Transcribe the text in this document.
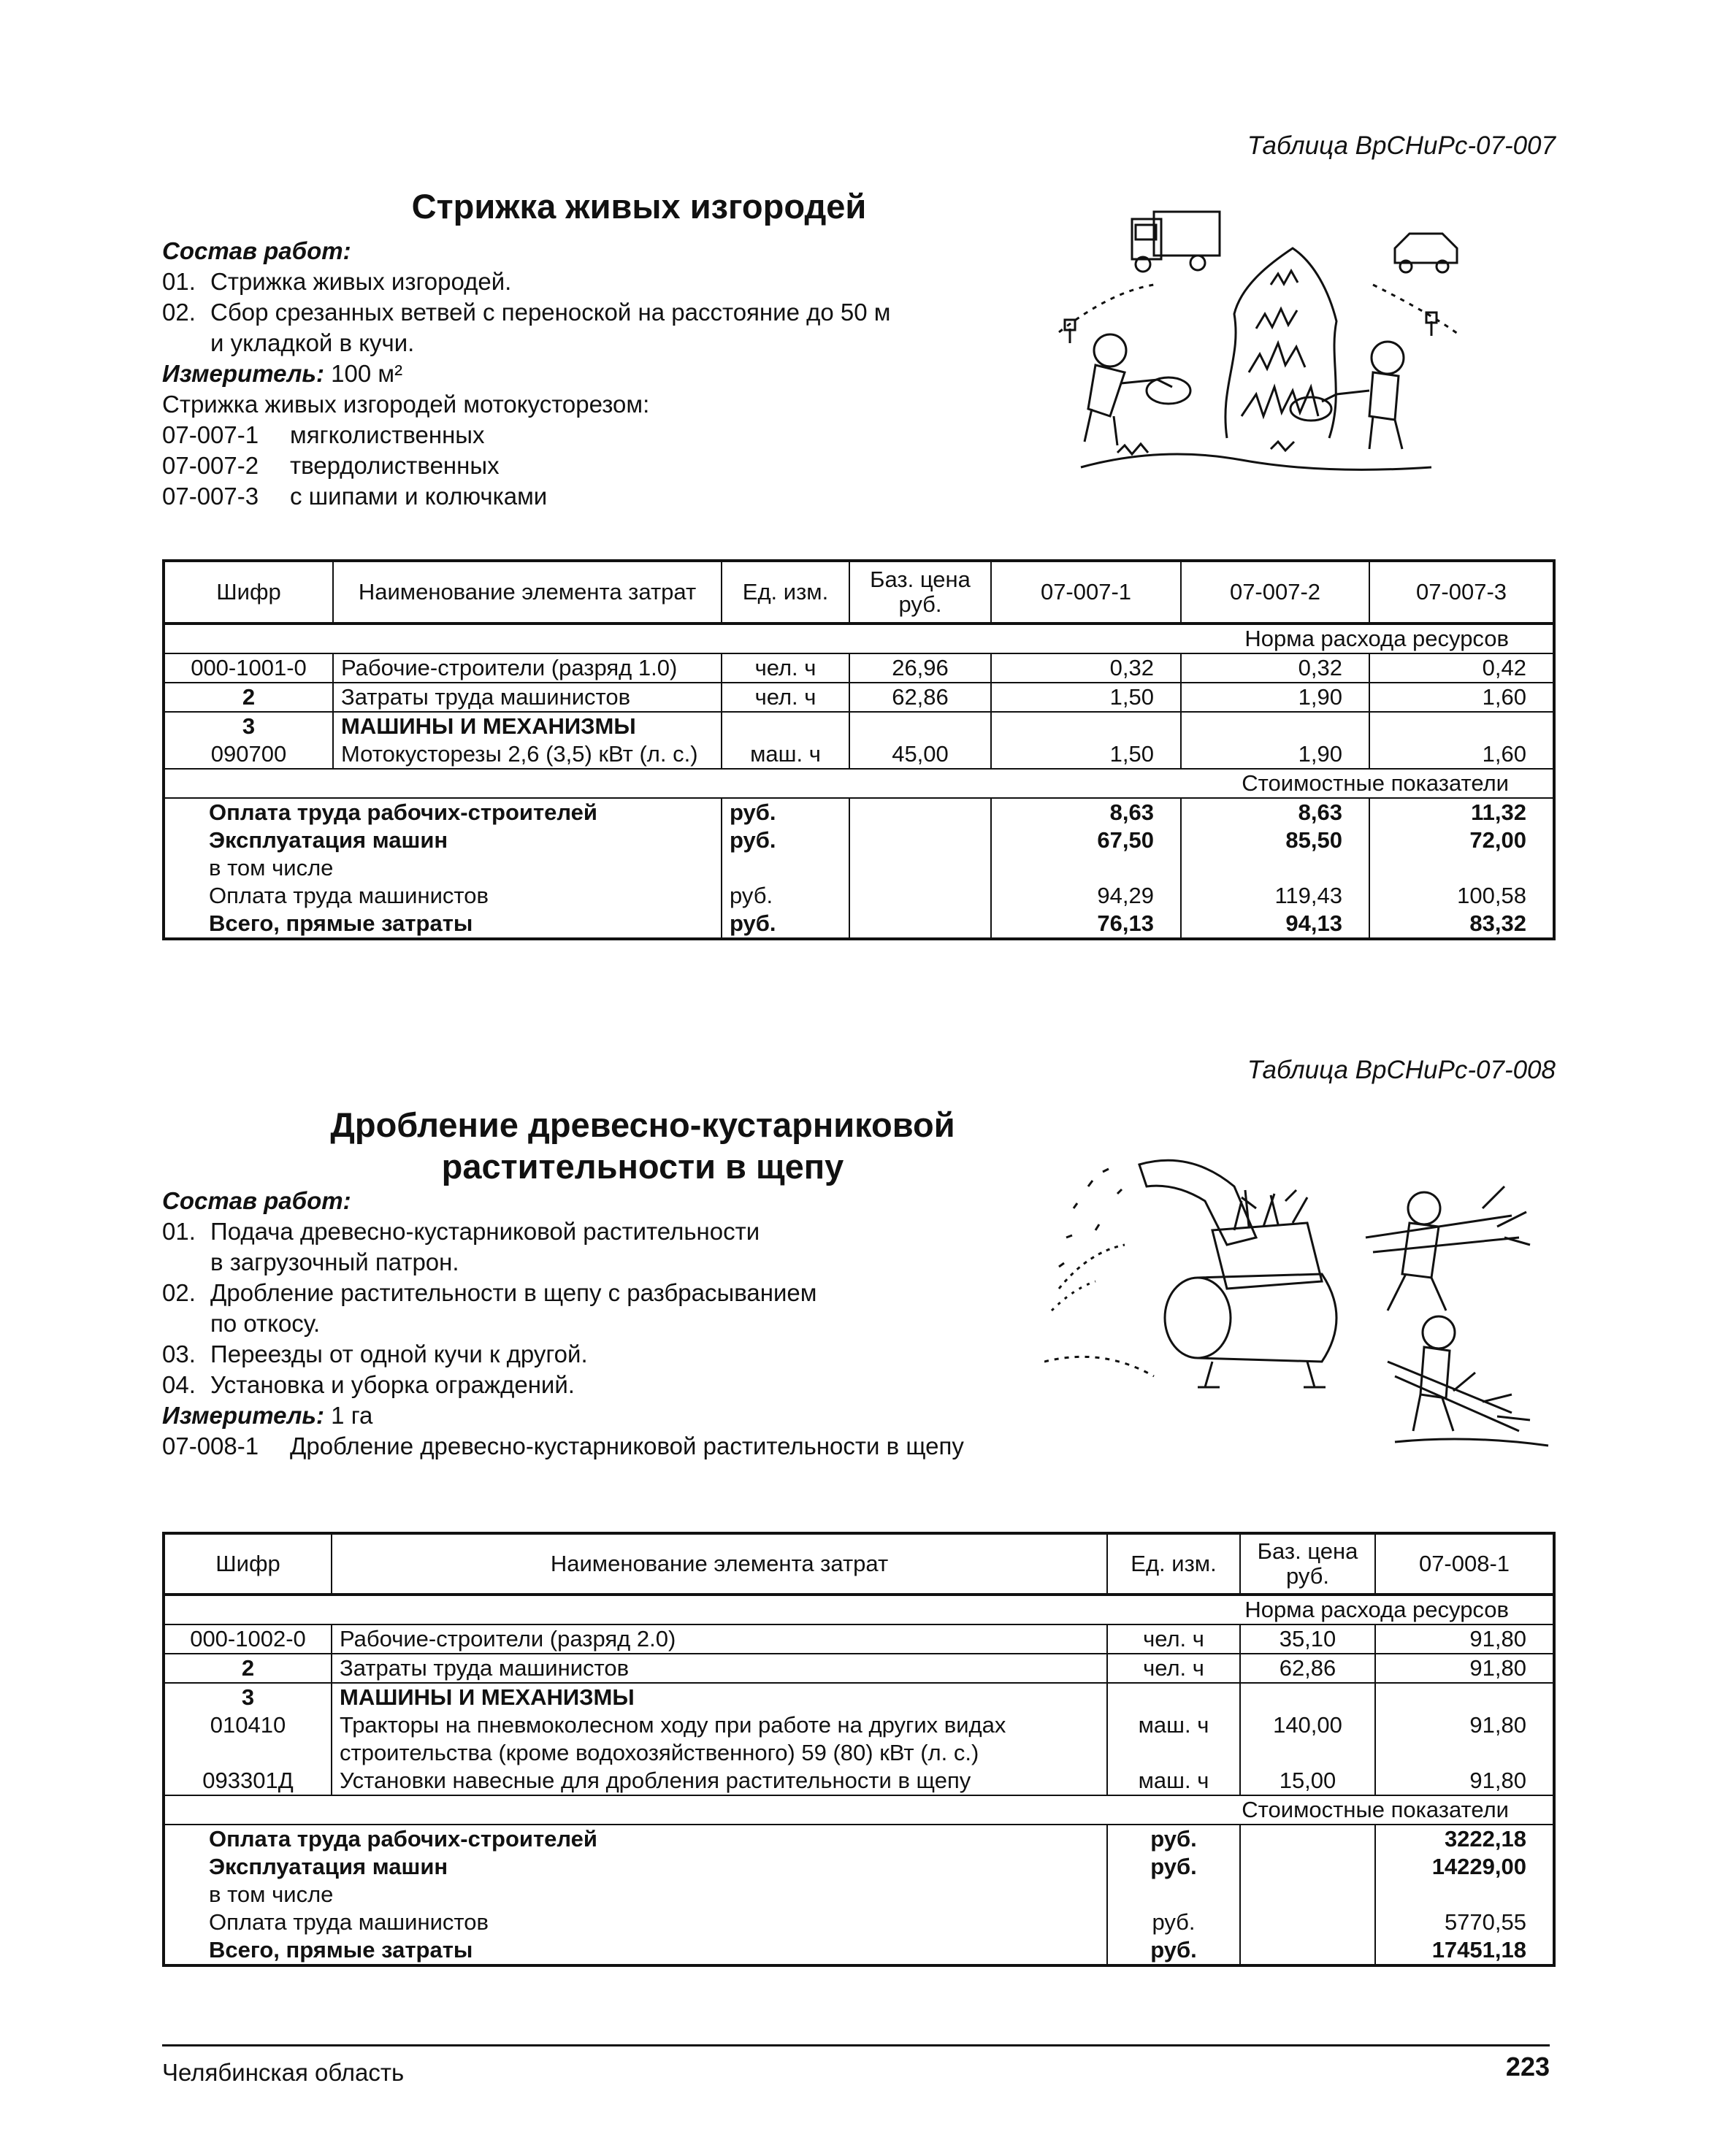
Таблица ВрСНиРс-07-007
Стрижка живых изгородей
Состав работ:
01. Стрижка живых изгородей.
02. Сбор срезанных ветвей с переноской на расстояние до 50 м
и укладкой в кучи.
Измеритель: 100 м²
Стрижка живых изгородей мотокусторезом:
07-007-1	мягколиственных
07-007-2	твердолиственных
07-007-3	с шипами и колючками
Шифр	Наименование элемента затрат	Ед. изм.	Баз. цена руб.	07-007-1	07-007-2	07-007-3
Норма расхода ресурсов						
000-1001-0	Рабочие-строители (разряд 1.0)	чел. ч	26,96	0,32	0,32	0,42
2	Затраты труда машинистов	чел. ч	62,86	1,50	1,90	1,60
3	МАШИНЫ И МЕХАНИЗМЫ					
090700	Мотокусторезы 2,6 (3,5) кВт (л. с.)	маш. ч	45,00	1,50	1,90	1,60
Стоимостные показатели						
Оплата труда рабочих-строителей		руб.		8,63	8,63	11,32
Эксплуатация машин		руб.		67,50	85,50	72,00
в том числе						
Оплата труда машинистов		руб.		94,29	119,43	100,58
Всего, прямые затраты		руб.		76,13	94,13	83,32
Таблица ВрСНиРс-07-008
Дробление древесно-кустарниковой
растительности в щепу
Состав работ:
01. Подача древесно-кустарниковой растительности
в загрузочный патрон.
02. Дробление растительности в щепу с разбрасыванием
по откосу.
03. Переезды от одной кучи к другой.
04. Установка и уборка ограждений.
Измеритель: 1 га
07-008-1	Дробление древесно-кустарниковой растительности в щепу
Шифр	Наименование элемента затрат	Ед. изм.	Баз. цена руб.	07-008-1
Норма расхода ресурсов				
000-1002-0	Рабочие-строители (разряд 2.0)	чел. ч	35,10	91,80
2	Затраты труда машинистов	чел. ч	62,86	91,80
3	МАШИНЫ И МЕХАНИЗМЫ			
010410	Тракторы на пневмоколесном ходу при работе на других видах строительства (кроме водохозяйственного) 59 (80) кВт (л. с.)	маш. ч	140,00	91,80
093301Д	Установки навесные для дробления растительности в щепу	маш. ч	15,00	91,80
Стоимостные показатели				
Оплата труда рабочих-строителей		руб.		3222,18
Эксплуатация машин		руб.		14229,00
в том числе				
Оплата труда машинистов		руб.		5770,55
Всего, прямые затраты		руб.		17451,18
Челябинская область	223
